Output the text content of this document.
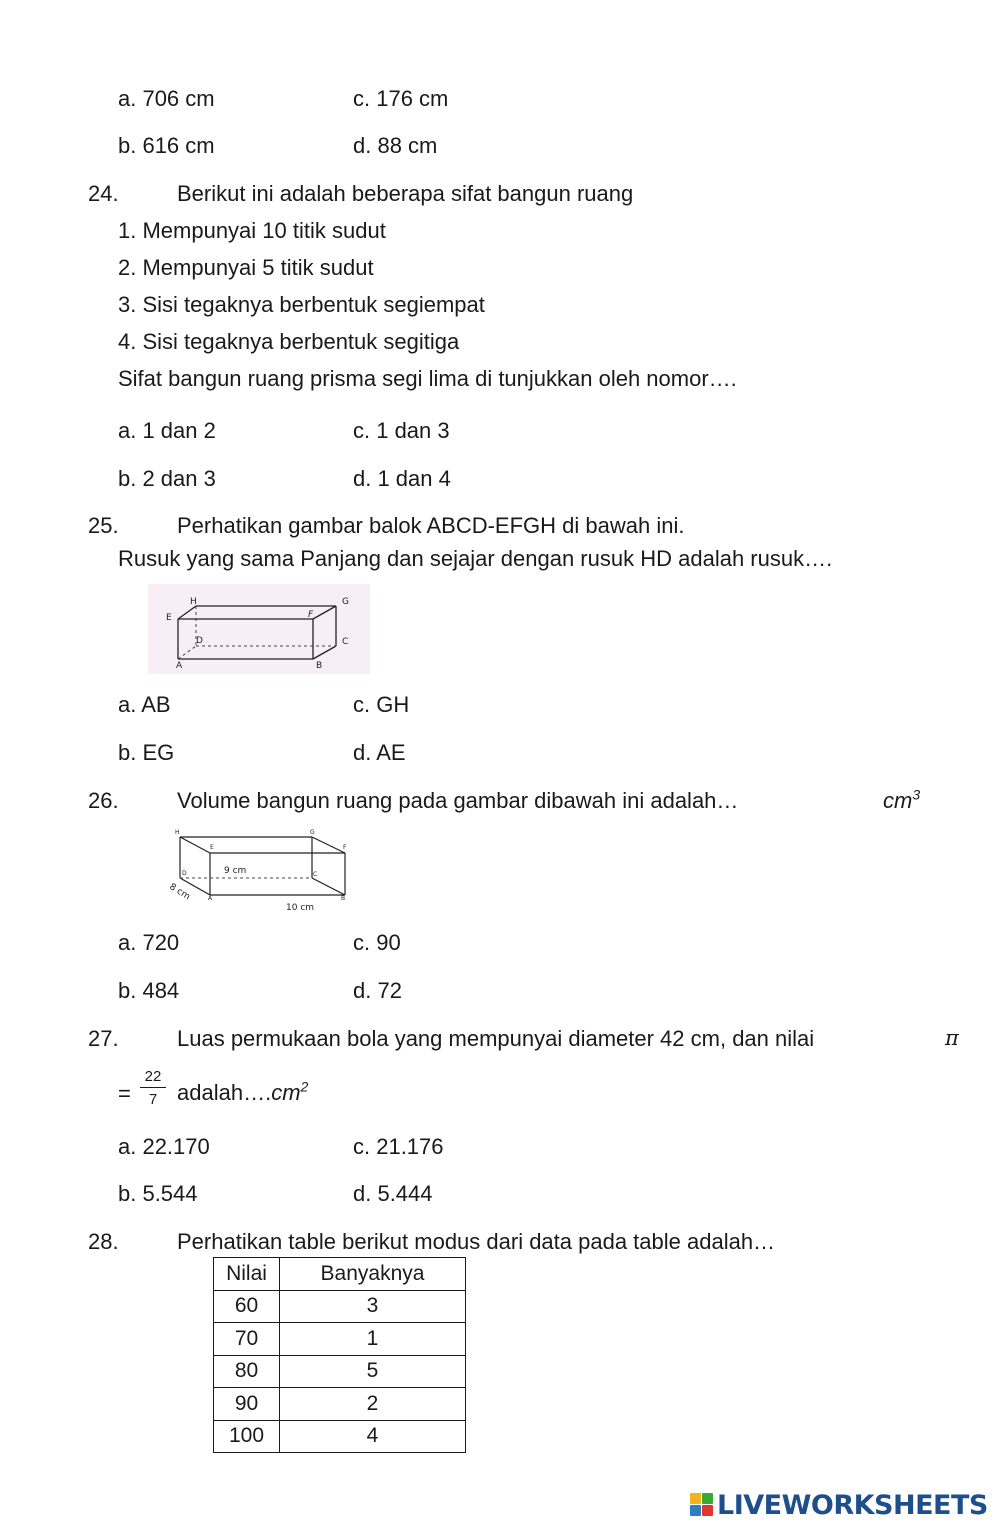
a. 706 cm	c. 176 cm
b. 616 cm	d. 88 cm
24.	Berikut ini adalah beberapa sifat bangun ruang
1. Mempunyai 10 titik sudut
2. Mempunyai 5 titik sudut
3. Sisi tegaknya berbentuk segiempat
4. Sisi tegaknya berbentuk segitiga
Sifat bangun ruang prisma segi lima di tunjukkan oleh nomor….
a. 1 dan 2	c. 1 dan 3
b. 2 dan 3	d. 1 dan 4
25.	Perhatikan gambar balok ABCD-EFGH di bawah ini.
Rusuk yang sama Panjang dan sejajar dengan rusuk HD adalah rusuk….
H	G
E	F
D	C
A	B
a. AB	c. GH
b. EG	d. AE
26.	Volume bangun ruang pada gambar dibawah ini adalah…	$cm^3$
H	G
E	F
D	C
A	B
9 cm
10 cm
8 cm
a. 720	c. 90
b. 484	d. 72
27.	Luas permukaan bola yang mempunyai diameter 42 cm, dan nilai	π
= $\frac{22}{7}$ $adalah\dots.cm^2$
a. 22.170	c. 21.176
b. 5.544	d. 5.444
28.	Perhatikan table berikut modus dari data pada table adalah…
Nilai	Banyaknya
60	3
70	1
80	5
90	2
100	4
LIVEWORKSHEETS
